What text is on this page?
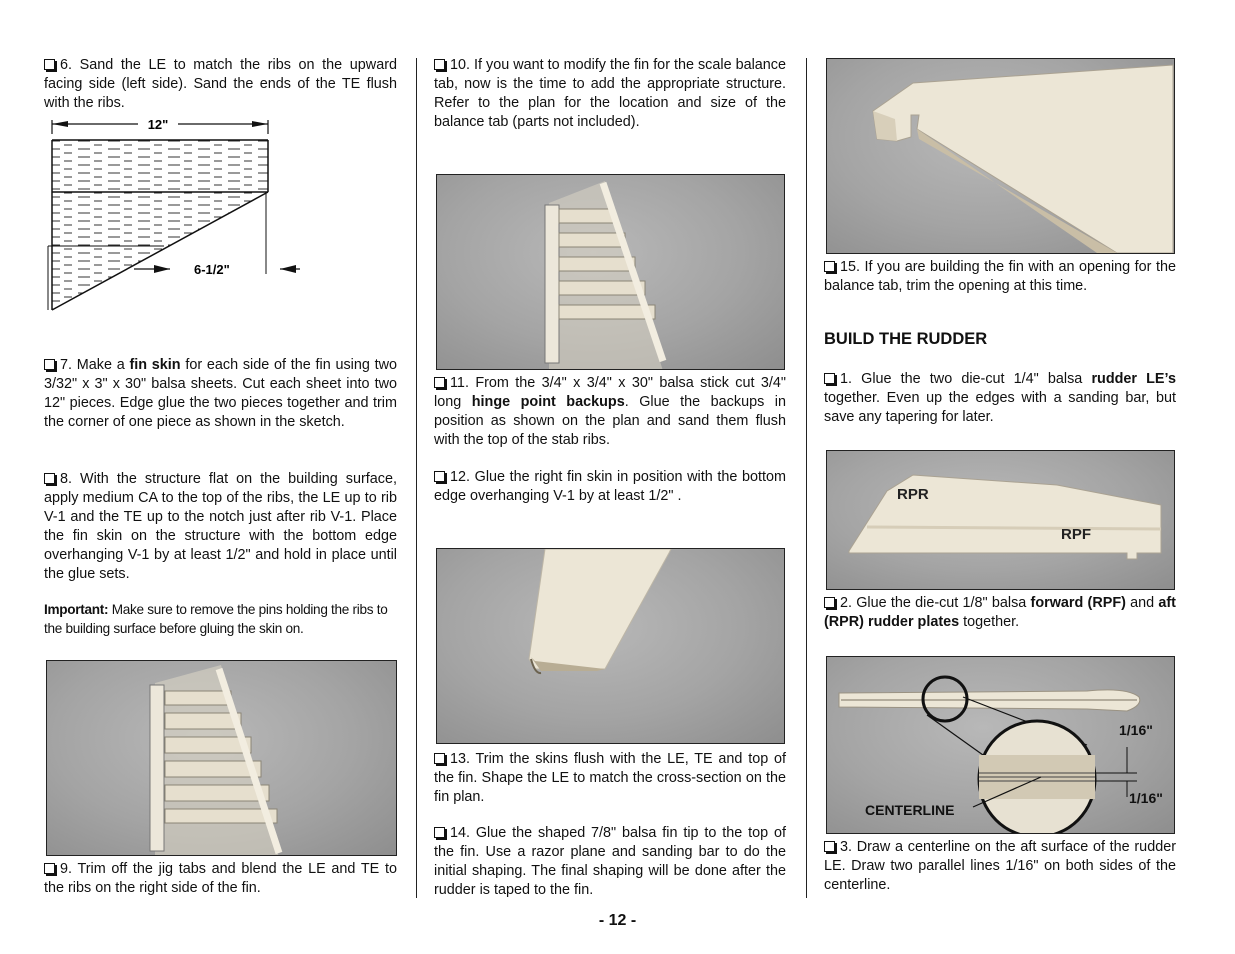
6. Sand the LE to match the ribs on the upward facing side (left side). Sand the ends of the TE flush with the ribs.

12"
6-1/2"

7. Make a fin skin for each side of the fin using two 3/32" x 3" x 30" balsa sheets. Cut each sheet into two 12" pieces. Edge glue the two pieces together and trim the corner of one piece as shown in the sketch.

8. With the structure flat on the building surface, apply medium CA to the top of the ribs, the LE up to rib V-1 and the TE up to the notch just after rib V-1. Place the fin skin on the structure with the bottom edge overhanging V-1 by at least 1/2" and hold in place until the glue sets.

Important: Make sure to remove the pins holding the ribs to the building surface before gluing the skin on.

9. Trim off the jig tabs and blend the LE and TE to the ribs on the right side of the fin.

10. If you want to modify the fin for the scale balance tab, now is the time to add the appropriate structure. Refer to the plan for the location and size of the balance tab (parts not included).

11. From the 3/4" x 3/4" x 30" balsa stick cut 3/4" long hinge point backups. Glue the backups in position as shown on the plan and sand them flush with the top of the stab ribs.

12. Glue the right fin skin in position with the bottom edge overhanging V-1 by at least 1/2" .

13. Trim the skins flush with the LE, TE and top of the fin. Shape the LE to match the cross-section on the fin plan.

14. Glue the shaped 7/8" balsa fin tip to the top of the fin. Use a razor plane and sanding bar to do the initial shaping. The final shaping will be done after the rudder is taped to the fin.

15. If you are building the fin with an opening for the balance tab, trim the opening at this time.

BUILD THE RUDDER

1. Glue the two die-cut 1/4" balsa rudder LE’s together. Even up the edges with a sanding bar, but save any tapering for later.

RPR
RPF

2. Glue the die-cut 1/8" balsa forward (RPF) and aft (RPR) rudder plates together.

1/16"
1/16"
CENTERLINE

3. Draw a centerline on the aft surface of the rudder LE. Draw two parallel lines 1/16" on both sides of the centerline.

- 12 -
